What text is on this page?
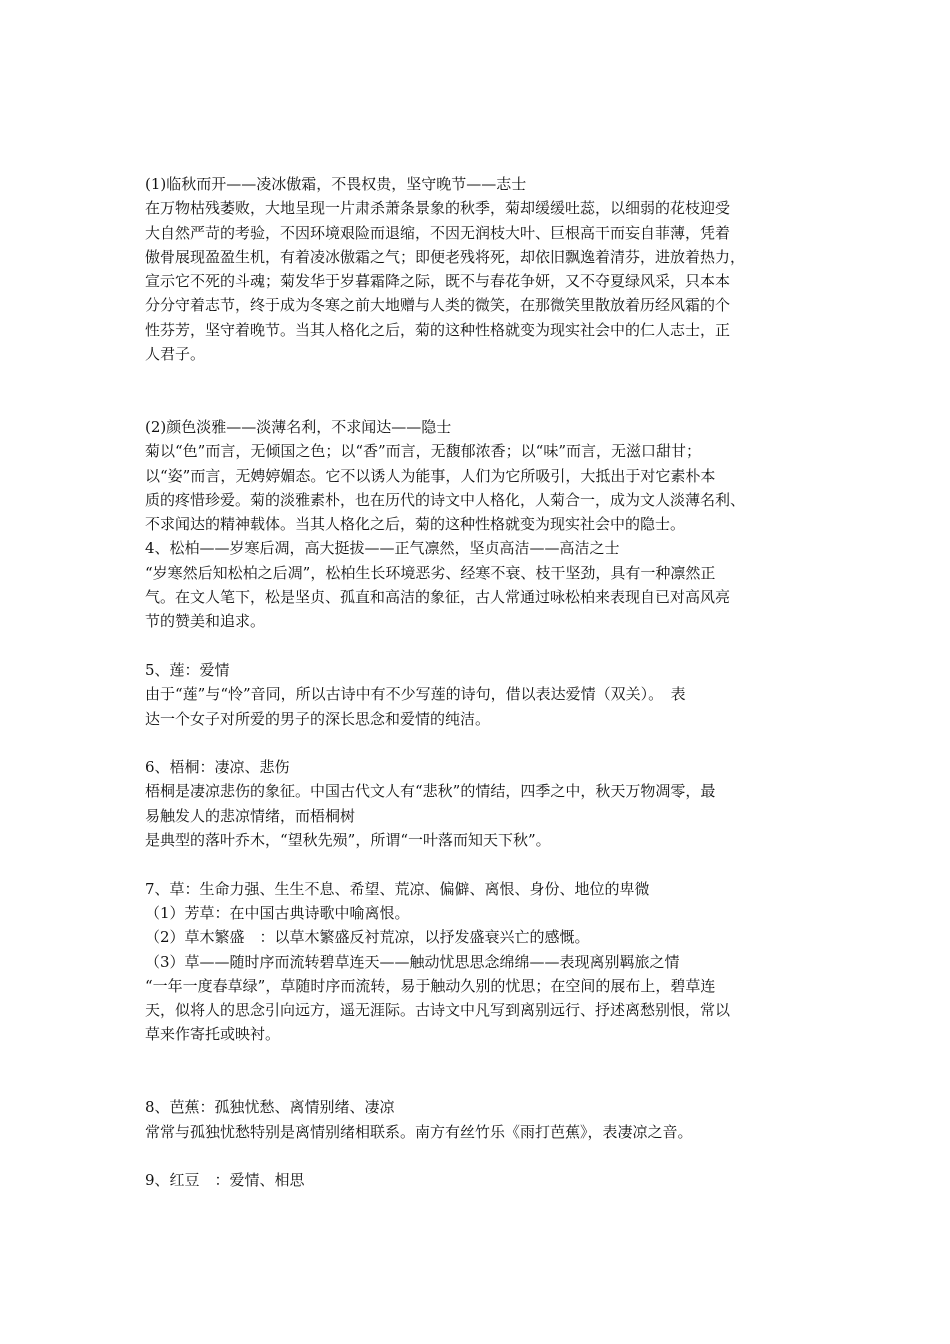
(1)临秋而开——凌冰傲霜，不畏权贵，坚守晚节——志士
在万物枯残萎败，大地呈现一片肃杀萧条景象的秋季，菊却缓缓吐蕊，以细弱的花枝迎受
大自然严苛的考验，不因环境艰险而退缩，不因无润枝大叶、巨根高干而妄自菲薄，凭着
傲骨展现盈盈生机，有着凌冰傲霜之气；即便老残将死，却依旧飘逸着清芬，进放着热力，
宣示它不死的斗魂；菊发华于岁暮霜降之际，既不与春花争妍，又不夺夏绿风采，只本本
分分守着志节，终于成为冬寒之前大地赠与人类的微笑，在那微笑里散放着历经风霜的个
性芬芳，坚守着晚节。当其人格化之后，菊的这种性格就变为现实社会中的仁人志士，正
人君子。
(2)颜色淡雅——淡薄名利，不求闻达——隐士
菊以“色”而言，无倾国之色；以“香”而言，无馥郁浓香；以“味”而言，无滋口甜甘；
以“姿”而言，无娉婷媚态。它不以诱人为能事，人们为它所吸引，大抵出于对它素朴本
质的疼惜珍爱。菊的淡雅素朴，也在历代的诗文中人格化，人菊合一，成为文人淡薄名利、
不求闻达的精神载体。当其人格化之后，菊的这种性格就变为现实社会中的隐士。
4、松柏——岁寒后凋，高大挺拔——正气凛然，坚贞高洁——高洁之士
“岁寒然后知松柏之后凋”，松柏生长环境恶劣、经寒不衰、枝干坚劲，具有一种凛然正
气。在文人笔下，松是坚贞、孤直和高洁的象征，古人常通过咏松柏来表现自已对高风亮
节的赞美和追求。
5、莲：爱情
由于“莲”与“怜”音同，所以古诗中有不少写莲的诗句，借以表达爱情（双关）。　表
达一个女子对所爱的男子的深长思念和爱情的纯洁。
6、梧桐：凄凉、悲伤
梧桐是凄凉悲伤的象征。中国古代文人有“悲秋”的情结，四季之中，秋天万物凋零，最
易触发人的悲凉情绪，而梧桐树
是典型的落叶乔木，“望秋先殒”，所谓“一叶落而知天下秋”。
7、草：生命力强、生生不息、希望、荒凉、偏僻、离恨、身份、地位的卑微
（1）芳草：在中国古典诗歌中喻离恨。
（2）草木繁盛　：以草木繁盛反衬荒凉，以抒发盛衰兴亡的感慨。
（3）草——随时序而流转碧草连天——触动忧思思念绵绵——表现离别羁旅之情
“一年一度春草绿”，草随时序而流转，易于触动久别的忧思；在空间的展布上，碧草连
天，似将人的思念引向远方，遥无涯际。古诗文中凡写到离别远行、抒述离愁别恨，常以
草来作寄托或映衬。
8、芭蕉：孤独忧愁、离情别绪、凄凉
常常与孤独忧愁特别是离情别绪相联系。南方有丝竹乐《雨打芭蕉》，表凄凉之音。
9、红豆　：爱情、相思
